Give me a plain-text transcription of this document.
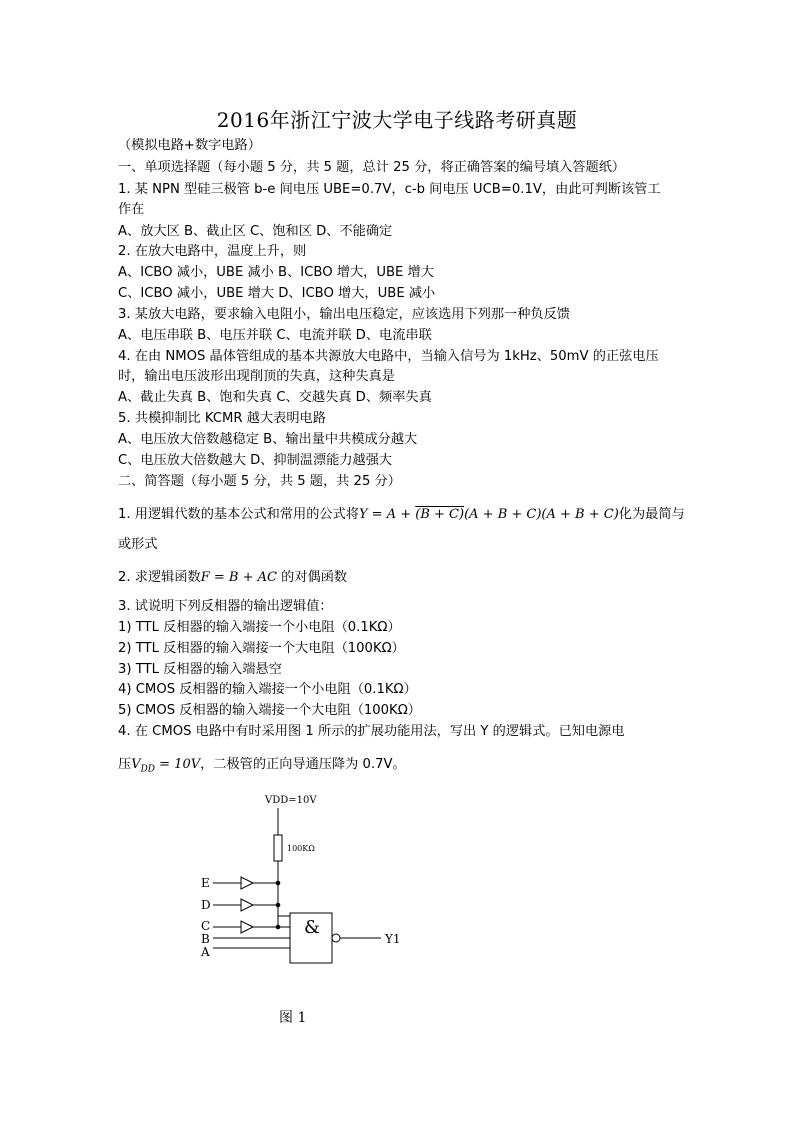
2016年浙江宁波大学电子线路考研真题
（模拟电路+数字电路）
一、单项选择题（每小题 5 分，共 5 题，总计 25 分，将正确答案的编号填入答题纸）
1. 某 NPN 型硅三极管 b-e 间电压 UBE=0.7V，c-b 间电压 UCB=0.1V，由此可判断该管工
作在
A、放大区 B、截止区 C、饱和区 D、不能确定
2. 在放大电路中，温度上升，则
A、ICBO 减小，UBE 减小 B、ICBO 增大，UBE 增大
C、ICBO 减小，UBE 增大 D、ICBO 增大，UBE 减小
3. 某放大电路，要求输入电阻小，输出电压稳定，应该选用下列那一种负反馈
A、电压串联 B、电压并联 C、电流并联 D、电流串联
4. 在由 NMOS 晶体管组成的基本共源放大电路中，当输入信号为 1kHz、50mV 的正弦电压
时，输出电压波形出现削顶的失真，这种失真是
A、截止失真 B、饱和失真 C、交越失真 D、频率失真
5. 共模抑制比 KCMR 越大表明电路
A、电压放大倍数越稳定 B、输出量中共模成分越大
C、电压放大倍数越大 D、抑制温漂能力越强大
二、简答题（每小题 5 分，共 5 题，共 25 分）
1. 用逻辑代数的基本公式和常用的公式将Y = A + (B + C)(A + B + C)(A + B + C)化为最简与
或形式
2. 求逻辑函数F = B + AC 的对偶函数
3. 试说明下列反相器的输出逻辑值：
1) TTL 反相器的输入端接一个小电阻（0.1KΩ）
2) TTL 反相器的输入端接一个大电阻（100KΩ）
3) TTL 反相器的输入端悬空
4) CMOS 反相器的输入端接一个小电阻（0.1KΩ）
5) CMOS 反相器的输入端接一个大电阻（100KΩ）
4. 在 CMOS 电路中有时采用图 1 所示的扩展功能用法，写出 Y 的逻辑式。已知电源电
压$V_{DD} = 10V$，二极管的正向导通压降为 0.7V。
VDD=10V
100KΩ
E
D
C
B
A
&
Y1
图 1
